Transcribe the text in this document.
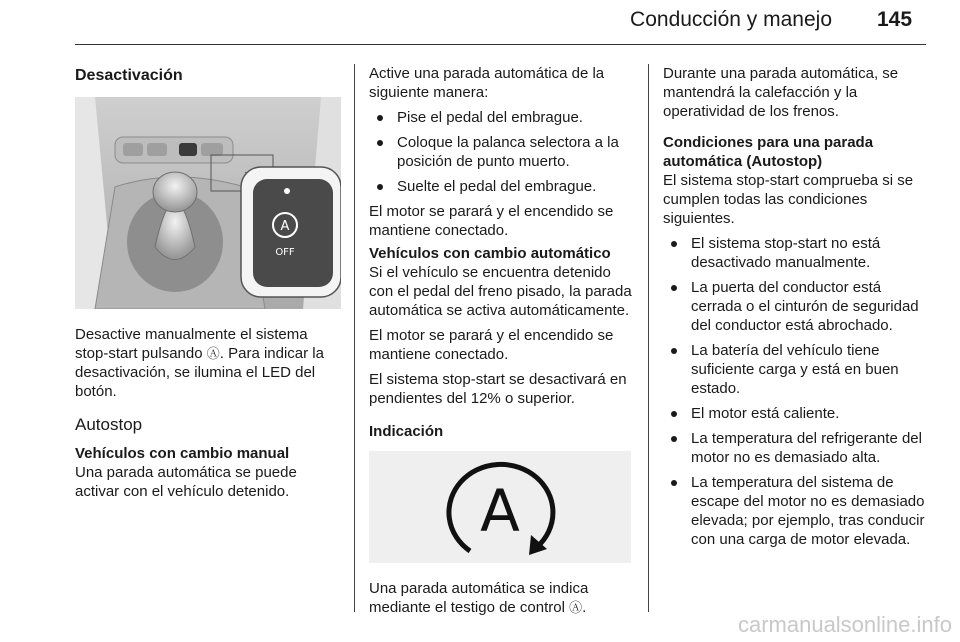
Conducción y manejo 145

Desactivación

A
OFF

Desactive manualmente el sistema stop-start pulsando Ⓐ. Para indicar la desactivación, se ilumina el LED del botón.

Autostop

Vehículos con cambio manual

Una parada automática se puede activar con el vehículo detenido.

Active una parada automática de la siguiente manera:

Pise el pedal del embrague.
Coloque la palanca selectora a la posición de punto muerto.
Suelte el pedal del embrague.

El motor se parará y el encendido se mantiene conectado.

Vehículos con cambio automático

Si el vehículo se encuentra detenido con el pedal del freno pisado, la parada automática se activa automáticamente.

El motor se parará y el encendido se mantiene conectado.

El sistema stop-start se desactivará en pendientes del 12% o superior.

Indicación

A

Una parada automática se indica mediante el testigo de control Ⓐ.

Durante una parada automática, se mantendrá la calefacción y la operatividad de los frenos.

Condiciones para una parada automática (Autostop)

El sistema stop-start comprueba si se cumplen todas las condiciones siguientes.

El sistema stop-start no está desactivado manualmente.
La puerta del conductor está cerrada o el cinturón de seguridad del conductor está abrochado.
La batería del vehículo tiene suficiente carga y está en buen estado.
El motor está caliente.
La temperatura del refrigerante del motor no es demasiado alta.
La temperatura del sistema de escape del motor no es demasiado elevada; por ejemplo, tras conducir con una carga de motor elevada.
carmanualsonline.info
